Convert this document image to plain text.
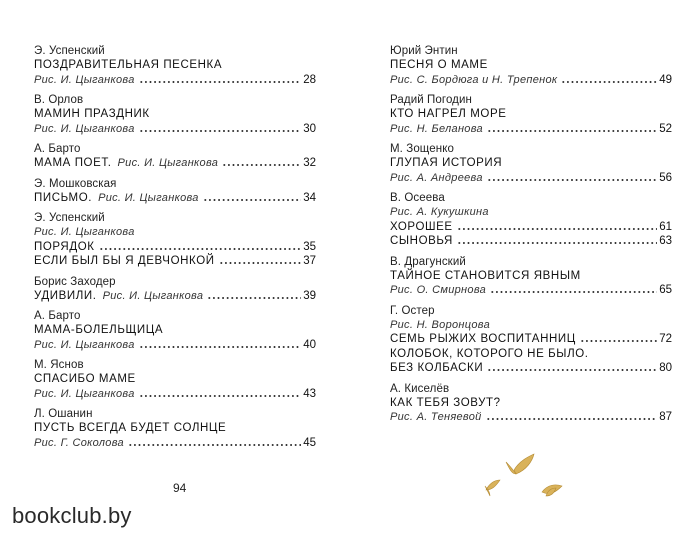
Э. Успенский
ПОЗДРАВИТЕЛЬНАЯ ПЕСЕНКА
Рис. И. Цыганкова	28
В. Орлов
МАМИН ПРАЗДНИК
Рис. И. Цыганкова	30
А. Барто
МАМА ПОЕТ. Рис. И. Цыганкова	32
Э. Мошковская
ПИСЬМО. Рис. И. Цыганкова	34
Э. Успенский
Рис. И. Цыганкова
ПОРЯДОК	35
ЕСЛИ БЫЛ БЫ Я ДЕВЧОНКОЙ	37
Борис Заходер
УДИВИЛИ. Рис. И. Цыганкова	39
А. Барто
МАМА-БОЛЕЛЬЩИЦА
Рис. И. Цыганкова	40
М. Яснов
СПАСИБО МАМЕ
Рис. И. Цыганкова	43
Л. Ошанин
ПУСТЬ ВСЕГДА БУДЕТ СОЛНЦЕ
Рис. Г. Соколова	45
Юрий Энтин
ПЕСНЯ О МАМЕ
Рис. С. Бордюга и Н. Трепенок	49
Радий Погодин
КТО НАГРЕЛ МОРЕ
Рис. Н. Беланова	52
М. Зощенко
ГЛУПАЯ ИСТОРИЯ
Рис. А. Андреева	56
В. Осеева
Рис. А. Кукушкина
ХОРОШЕЕ	61
СЫНОВЬЯ	63
В. Драгунский
ТАЙНОЕ СТАНОВИТСЯ ЯВНЫМ
Рис. О. Смирнова	65
Г. Остер
Рис. Н. Воронцова
СЕМЬ РЫЖИХ ВОСПИТАННИЦ	72
КОЛОБОК, КОТОРОГО НЕ БЫЛО.
БЕЗ КОЛБАСКИ	80
А. Киселёв
КАК ТЕБЯ ЗОВУТ?
Рис. А. Теняевой	87
94
bookclub.by
